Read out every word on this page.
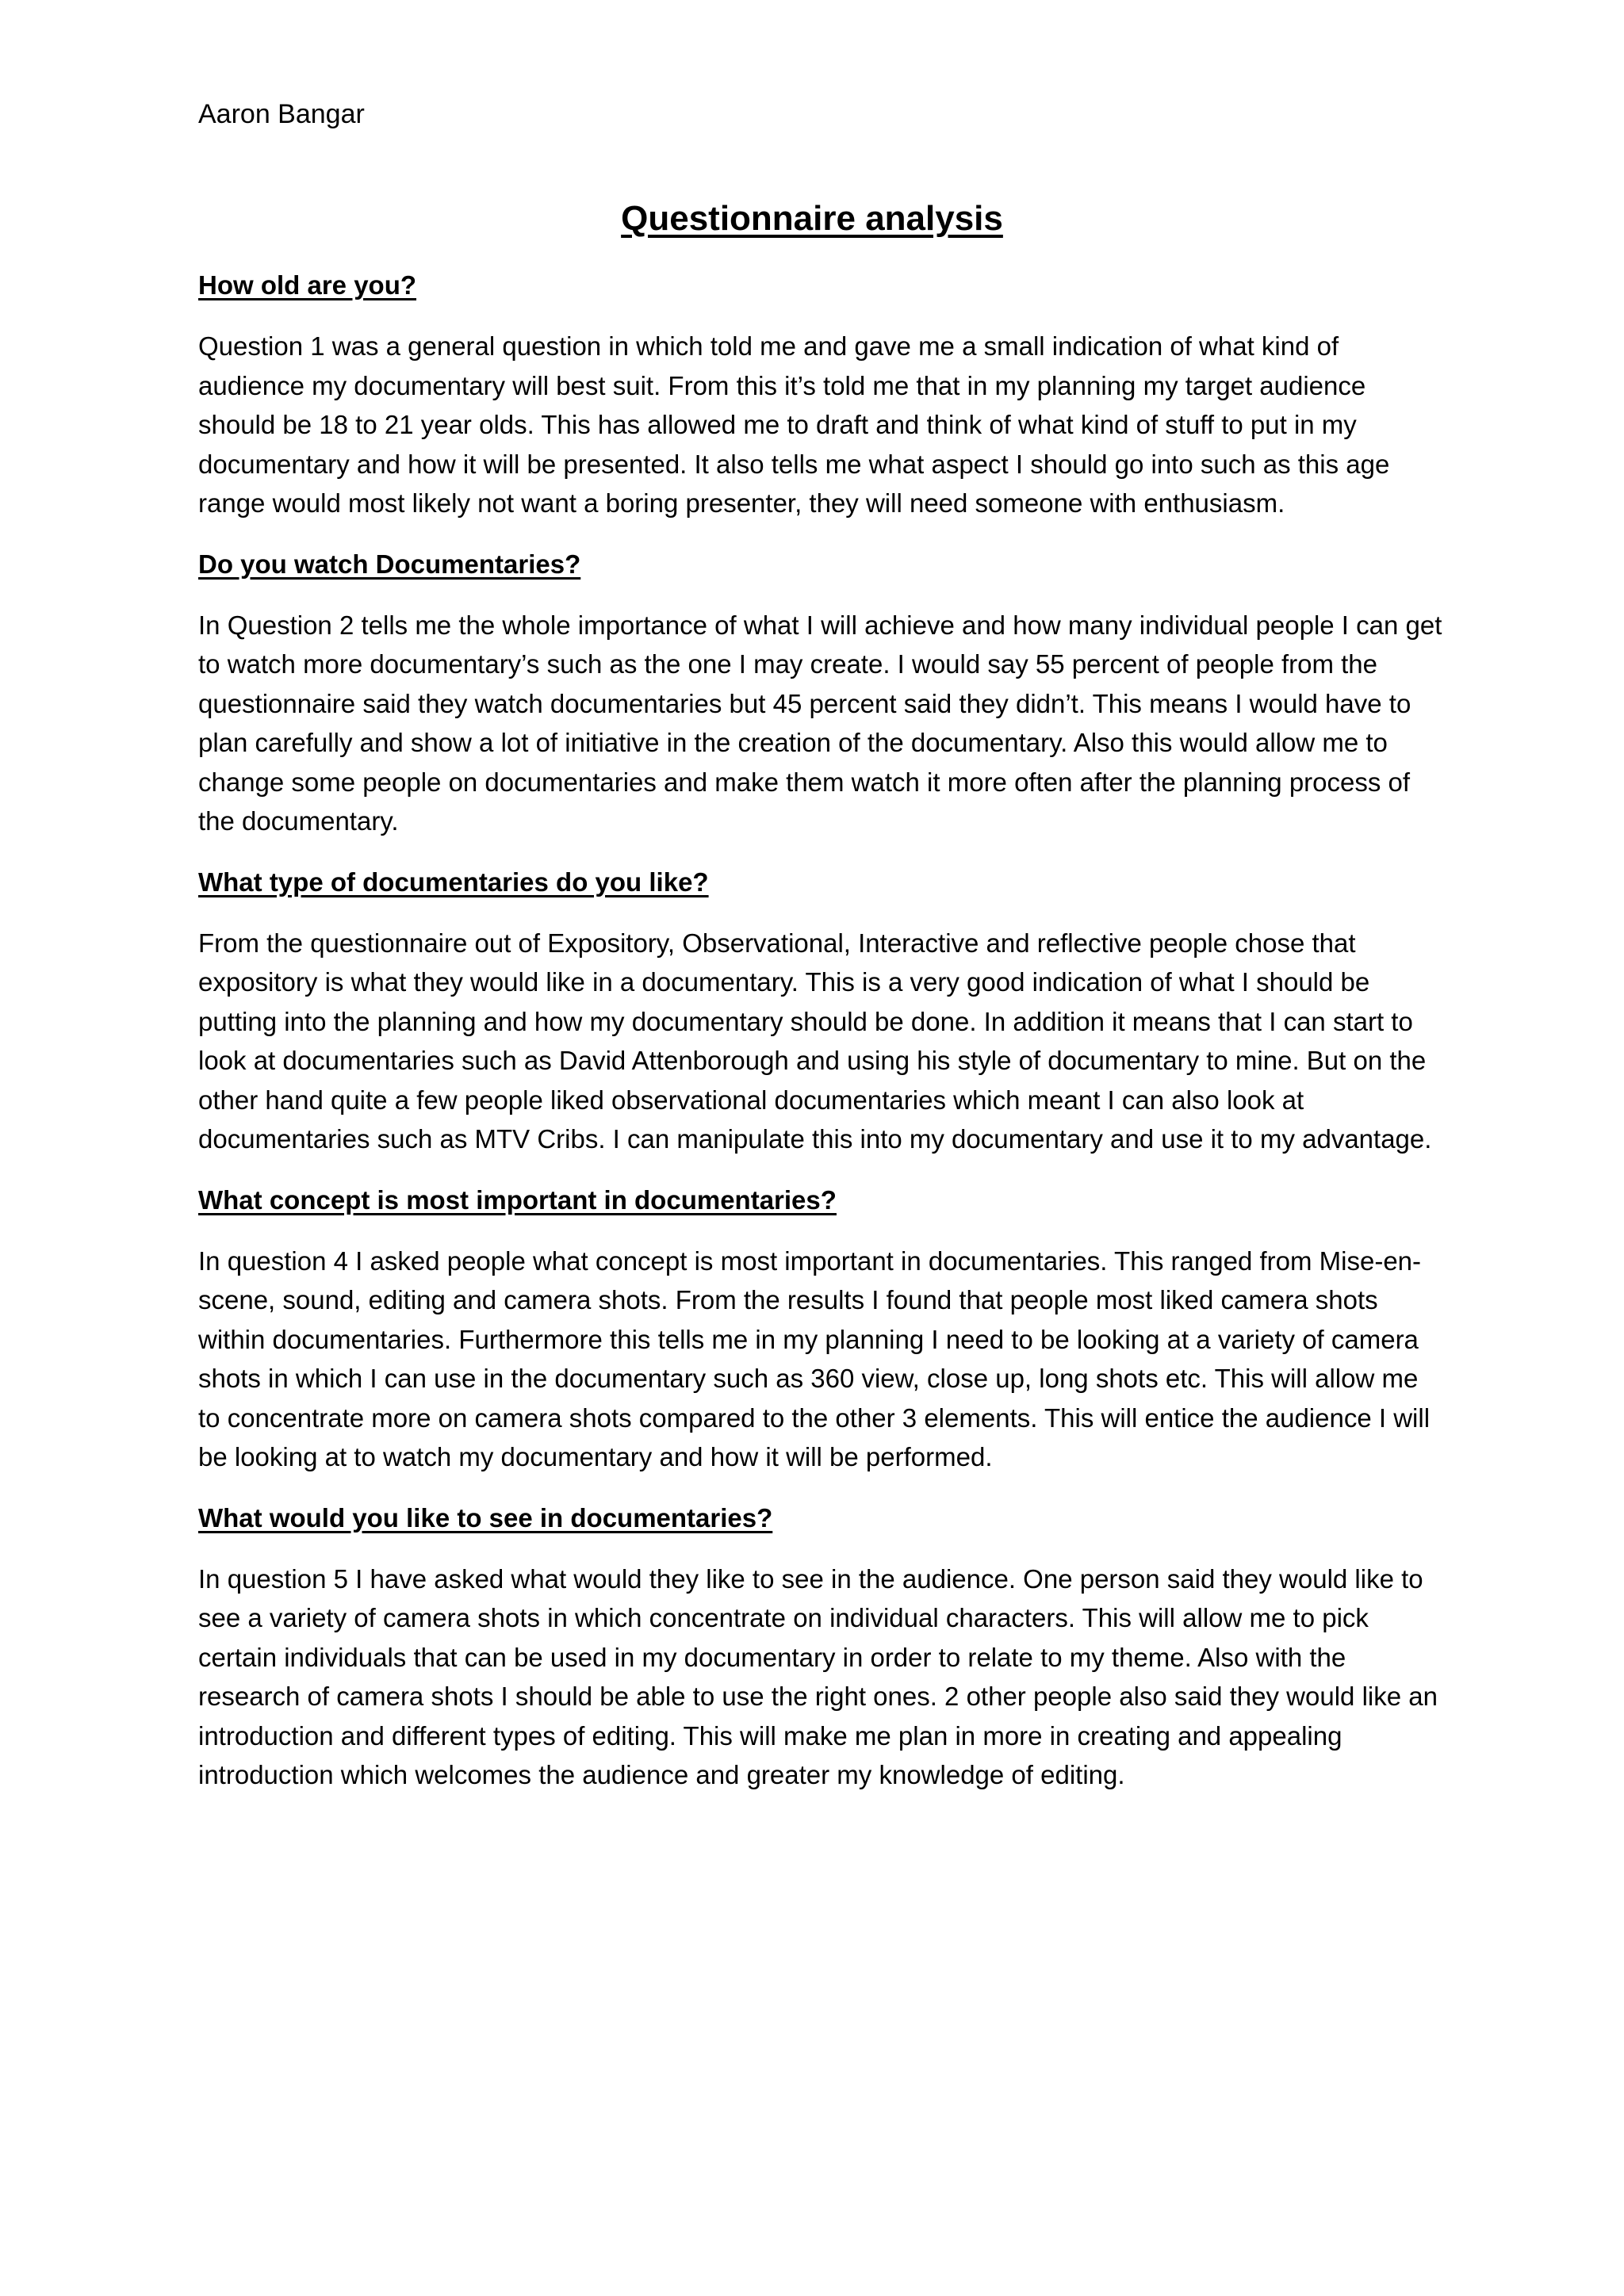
Aaron Bangar
Questionnaire analysis
How old are you?

Question 1 was a general question in which told me and gave me a small indication of what kind of audience my documentary will best suit. From this it’s told me that in my planning my target audience should be 18 to 21 year olds. This has allowed me to draft and think of what kind of stuff to put in my documentary and how it will be presented. It also tells me what aspect I should go into such as this age range would most likely not want a boring presenter, they will need someone with enthusiasm.

Do you watch Documentaries?

In Question 2 tells me the whole importance of what I will achieve and how many individual people I can get to watch more documentary’s such as the one I may create. I would say 55 percent of people from the questionnaire said they watch documentaries but 45 percent said they didn’t. This means I would have to plan carefully and show a lot of initiative in the creation of the documentary. Also this would allow me to change some people on documentaries and make them watch it more often after the planning process of the documentary.

What type of documentaries do you like?

From the questionnaire out of Expository, Observational, Interactive and reflective people chose that expository is what they would like in a documentary. This is a very good indication of what I should be putting into the planning and how my documentary should be done. In addition it means that I can start to look at documentaries such as David Attenborough and using his style of documentary to mine. But on the other hand quite a few people liked observational documentaries which meant I can also look at documentaries such as MTV Cribs. I can manipulate this into my documentary and use it to my advantage.

What concept is most important in documentaries?

In question 4 I asked people what concept is most important in documentaries. This ranged from Mise-en-scene, sound, editing and camera shots. From the results I found that people most liked camera shots within documentaries. Furthermore this tells me in my planning I need to be looking at a variety of camera shots in which I can use in the documentary such as 360 view, close up, long shots etc. This will allow me to concentrate more on camera shots compared to the other 3 elements. This will entice the audience I will be looking at to watch my documentary and how it will be performed.

What would you like to see in documentaries?

In question 5 I have asked what would they like to see in the audience. One person said they would like to see a variety of camera shots in which concentrate on individual characters. This will allow me to pick certain individuals that can be used in my documentary in order to relate to my theme. Also with the research of camera shots I should be able to use the right ones. 2 other people also said they would like an introduction and different types of editing. This will make me plan in more in creating and appealing introduction which welcomes the audience and greater my knowledge of editing.
